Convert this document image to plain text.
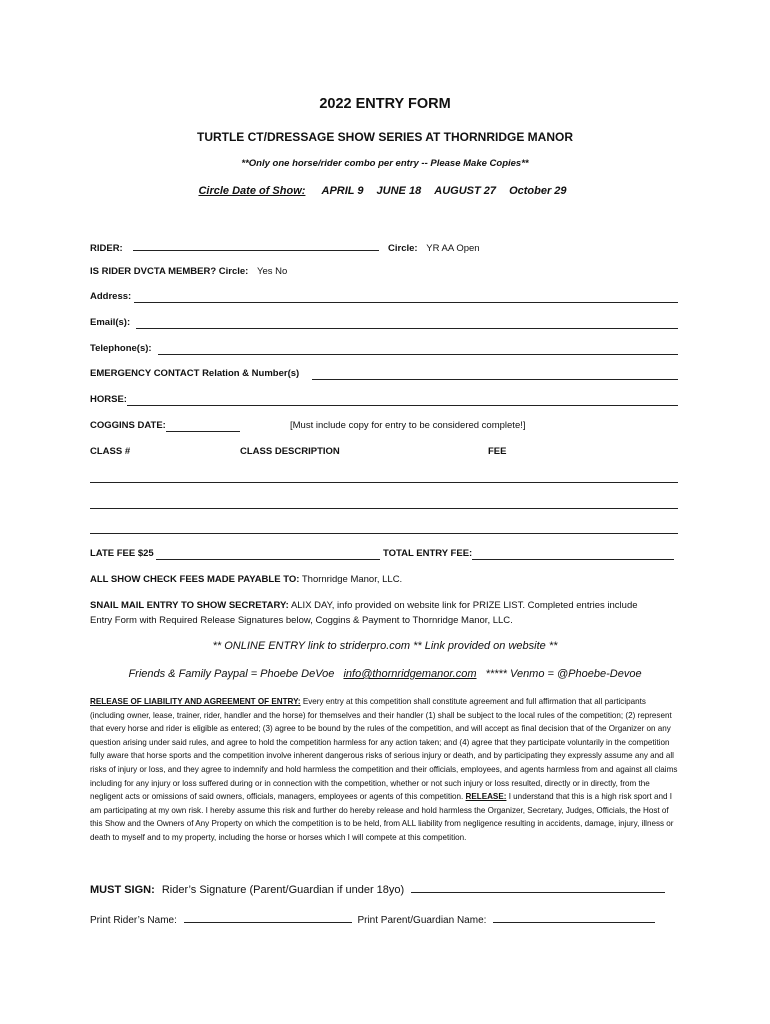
2022 ENTRY FORM
TURTLE CT/DRESSAGE SHOW SERIES AT THORNRIDGE MANOR
**Only one horse/rider combo per entry -- Please Make Copies**
Circle Date of Show: APRIL 9 JUNE 18 AUGUST 27 October 29
RIDER:	Circle: YR AA Open
IS RIDER DVCTA MEMBER? Circle: Yes No
Address:
Email(s):
Telephone(s):
EMERGENCY CONTACT Relation & Number(s)
HORSE:
COGGINS DATE:	[Must include copy for entry to be considered complete!]
CLASS #	CLASS DESCRIPTION	FEE
LATE FEE $25	TOTAL ENTRY FEE:
ALL SHOW CHECK FEES MADE PAYABLE TO: Thornridge Manor, LLC.
SNAIL MAIL ENTRY TO SHOW SECRETARY: ALIX DAY, info provided on website link for PRIZE LIST. Completed entries include
Entry Form with Required Release Signatures below, Coggins & Payment to Thornridge Manor, LLC.
** ONLINE ENTRY link to striderpro.com ** Link provided on website **
Friends & Family Paypal = Phoebe DeVoe info@thornridgemanor.com ***** Venmo = @Phoebe-Devoe
RELEASE OF LIABILITY AND AGREEMENT OF ENTRY: Every entry at this competition shall constitute agreement and full affirmation that all participants (including owner, lease, trainer, rider, handler and the horse) for themselves and their handler (1) shall be subject to the local rules of the competition; (2) represent that every horse and rider is eligible as entered; (3) agree to be bound by the rules of the competition, and will accept as final decision that of the Organizer on any question arising under said rules, and agree to hold the competition harmless for any action taken; and (4) agree that they participate voluntarily in the competition fully aware that horse sports and the competition involve inherent dangerous risks of serious injury or death, and by participating they expressly assume any and all risks of injury or loss, and they agree to indemnify and hold harmless the competition and their officials, employees, and agents harmless from and against all claims including for any injury or loss suffered during or in connection with the competition, whether or not such injury or loss resulted, directly or in directly, from the negligent acts or omissions of said owners, officials, managers, employees or agents of this competition. RELEASE: I understand that this is a high risk sport and I am participating at my own risk. I hereby assume this risk and further do hereby release and hold harmless the Organizer, Secretary, Judges, Officials, the Host of this Show and the Owners of Any Property on which the competition is to be held, from ALL liability from negligence resulting in accidents, damage, injury, illness or death to myself and to my property, including the horse or horses which I will compete at this competition.
MUST SIGN: Rider’s Signature (Parent/Guardian if under 18yo)
Print Rider’s Name:	Print Parent/Guardian Name:
